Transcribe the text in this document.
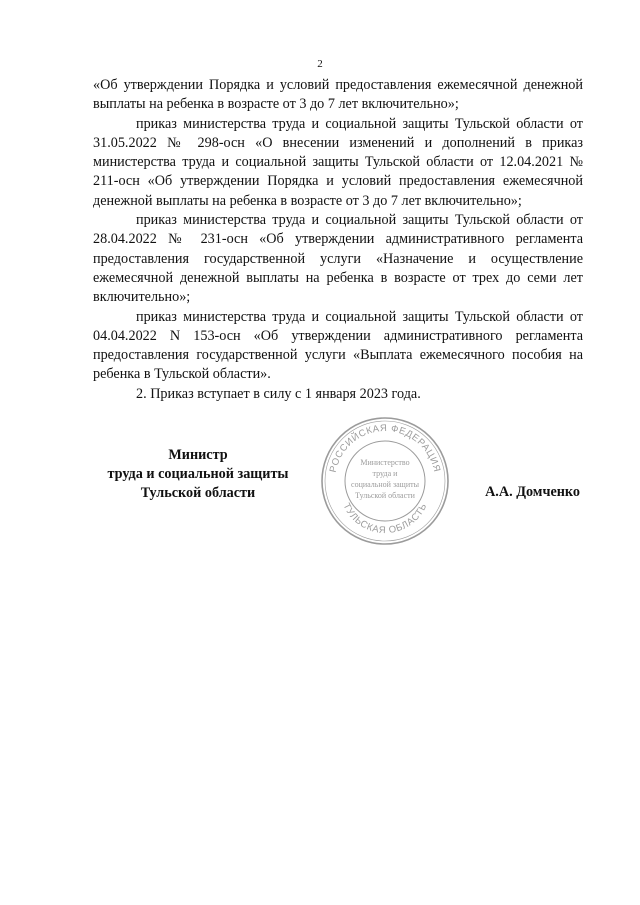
2

«Об утверждении Порядка и условий предоставления ежемесячной денежной выплаты на ребенка в возрасте от 3 до 7 лет включительно»;

приказ министерства труда и социальной защиты Тульской области от 31.05.2022 № 298-осн «О внесении изменений и дополнений в приказ министерства труда и социальной защиты Тульской области от 12.04.2021 № 211-осн «Об утверждении Порядка и условий предоставления ежемесячной денежной выплаты на ребенка в возрасте от 3 до 7 лет включительно»;

приказ министерства труда и социальной защиты Тульской области от 28.04.2022 № 231-осн «Об утверждении административного регламента предоставления государственной услуги «Назначение и осуществление ежемесячной денежной выплаты на ребенка в возрасте от трех до семи лет включительно»;

приказ министерства труда и социальной защиты Тульской области от 04.04.2022 N 153-осн «Об утверждении административного регламента предоставления государственной услуги «Выплата ежемесячного пособия на ребенка в Тульской области».

2. Приказ вступает в силу с 1 января 2023 года.

Министр
труда и социальной защиты
Тульской области
РОССИЙСКАЯ ФЕДЕРАЦИЯ
ТУЛЬСКАЯ ОБЛАСТЬ
Министерство
труда и
социальной защиты
Тульской области	А.А. Домченко
